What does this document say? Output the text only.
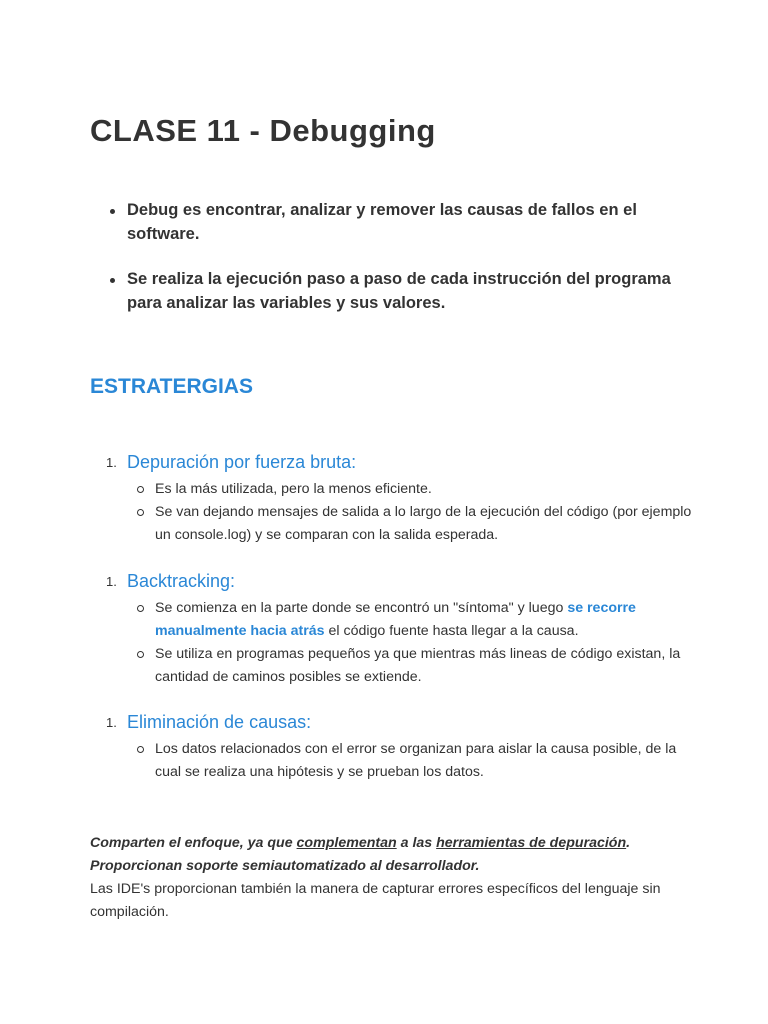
CLASE 11 - Debugging
Debug es encontrar, analizar y remover las causas de fallos en el software.
Se realiza la ejecución paso a paso de cada instrucción del programa para analizar las variables y sus valores.
ESTRATERGIAS
1. Depuración por fuerza bruta:
Es la más utilizada, pero la menos eficiente.
Se van dejando mensajes de salida a lo largo de la ejecución del código (por ejemplo un console.log) y se comparan con la salida esperada.
1. Backtracking:
Se comienza en la parte donde se encontró un "síntoma" y luego se recorre manualmente hacia atrás el código fuente hasta llegar a la causa.
Se utiliza en programas pequeños ya que mientras más lineas de código existan, la cantidad de caminos posibles se extiende.
1. Eliminación de causas:
Los datos relacionados con el error se organizan para aislar la causa posible, de la cual se realiza una hipótesis y se prueban los datos.

Comparten el enfoque, ya que complementan a las herramientas de depuración.

Proporcionan soporte semiautomatizado al desarrollador.

Las IDE's proporcionan también la manera de capturar errores específicos del lenguaje sin compilación.
